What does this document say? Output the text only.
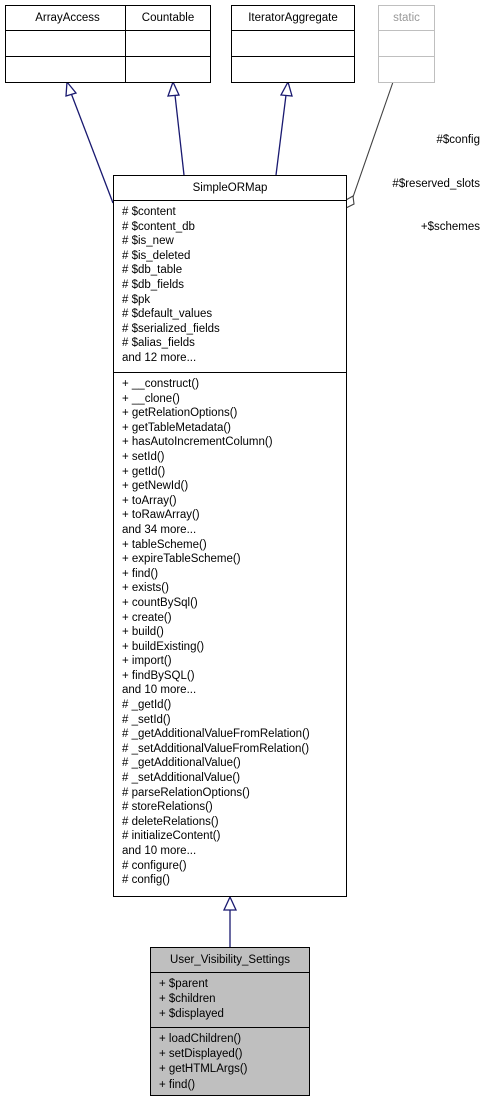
ArrayAccess	Countable	IteratorAggregate	static

#$config

#$reserved_slots

+$schemes

SimpleORMap
# $content
# $content_db
# $is_new
# $is_deleted
# $db_table
# $db_fields
# $pk
# $default_values
# $serialized_fields
# $alias_fields
and 12 more...
+ __construct()
+ __clone()
+ getRelationOptions()
+ getTableMetadata()
+ hasAutoIncrementColumn()
+ setId()
+ getId()
+ getNewId()
+ toArray()
+ toRawArray()
and 34 more...
+ tableScheme()
+ expireTableScheme()
+ find()
+ exists()
+ countBySql()
+ create()
+ build()
+ buildExisting()
+ import()
+ findBySQL()
and 10 more...
# _getId()
# _setId()
# _getAdditionalValueFromRelation()
# _setAdditionalValueFromRelation()
# _getAdditionalValue()
# _setAdditionalValue()
# parseRelationOptions()
# storeRelations()
# deleteRelations()
# initializeContent()
and 10 more...
# configure()
# config()
User_Visibility_Settings
+ $parent
+ $children
+ $displayed
+ loadChildren()
+ setDisplayed()
+ getHTMLArgs()
+ find()
